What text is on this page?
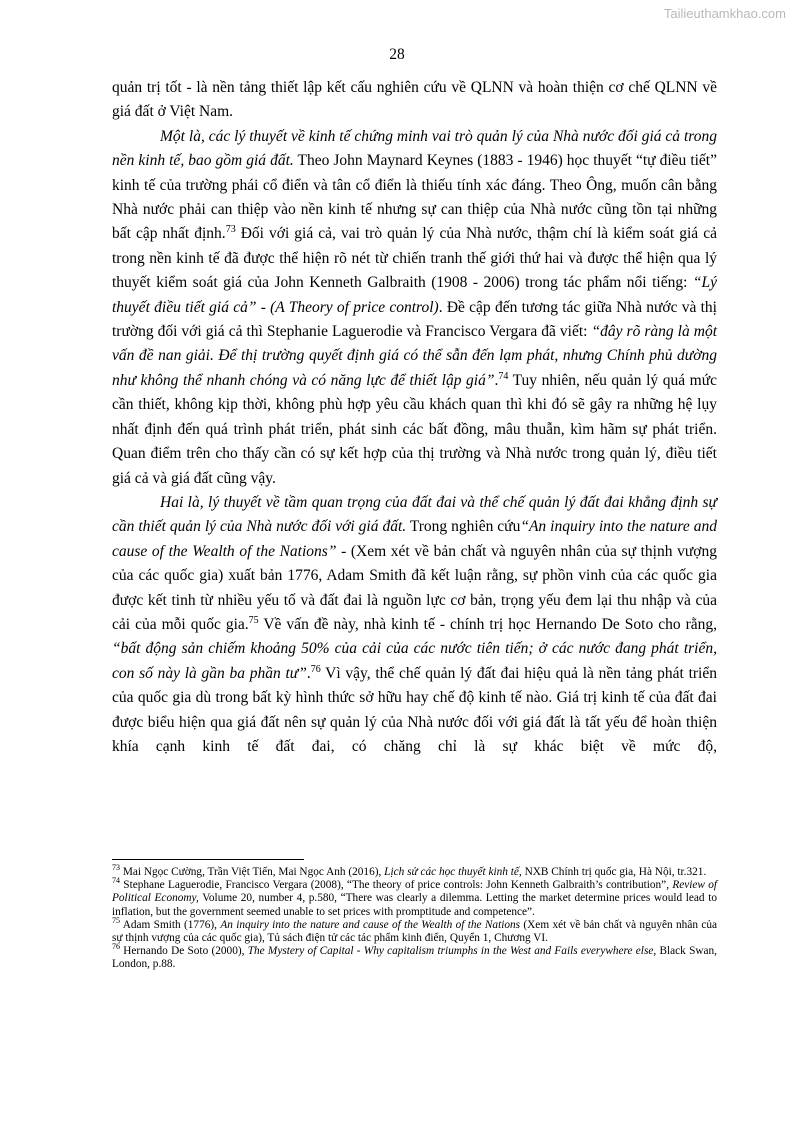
Tailieuthamkhao.com
28

quản trị tốt - là nền tảng thiết lập kết cấu nghiên cứu về QLNN và hoàn thiện cơ chế QLNN về giá đất ở Việt Nam.

Một là, các lý thuyết về kinh tế chứng minh vai trò quản lý của Nhà nước đối giá cả trong nền kinh tế, bao gồm giá đất. Theo John Maynard Keynes (1883 - 1946) học thuyết “tự điều tiết” kinh tế của trường phái cổ điển và tân cổ điển là thiếu tính xác đáng. Theo Ông, muốn cân bằng Nhà nước phải can thiệp vào nền kinh tế nhưng sự can thiệp của Nhà nước cũng tồn tại những bất cập nhất định.$^{73}$ Đối với giá cả, vai trò quản lý của Nhà nước, thậm chí là kiểm soát giá cả trong nền kinh tế đã được thể hiện rõ nét từ chiến tranh thế giới thứ hai và được thể hiện qua lý thuyết kiểm soát giá của John Kenneth Galbraith (1908 - 2006) trong tác phẩm nổi tiếng: “Lý thuyết điều tiết giá cả” - (A Theory of price control). Đề cập đến tương tác giữa Nhà nước và thị trường đối với giá cả thì Stephanie Laguerodie và Francisco Vergara đã viết: “đây rõ ràng là một vấn đề nan giải. Để thị trường quyết định giá có thể sẫn đến lạm phát, nhưng Chính phủ dường như không thể nhanh chóng và có năng lực để thiết lập giá”.$^{74}$ Tuy nhiên, nếu quản lý quá mức cần thiết, không kịp thời, không phù hợp yêu cầu khách quan thì khi đó sẽ gây ra những hệ lụy nhất định đến quá trình phát triển, phát sinh các bất đồng, mâu thuẫn, kìm hãm sự phát triển. Quan điểm trên cho thấy cần có sự kết hợp của thị trường và Nhà nước trong quản lý, điều tiết giá cả và giá đất cũng vậy.

Hai là, lý thuyết về tầm quan trọng của đất đai và thể chế quản lý đất đai khẳng định sự cần thiết quản lý của Nhà nước đối với giá đất. Trong nghiên cứu“An inquiry into the nature and cause of the Wealth of the Nations” - (Xem xét về bản chất và nguyên nhân của sự thịnh vượng của các quốc gia) xuất bản 1776, Adam Smith đã kết luận rằng, sự phồn vinh của các quốc gia được kết tinh từ nhiều yếu tố và đất đai là nguồn lực cơ bản, trọng yếu đem lại thu nhập và của cải của mỗi quốc gia.$^{75}$ Về vấn đề này, nhà kinh tế - chính trị học Hernando De Soto cho rằng, “bất động sản chiếm khoảng 50% của cải của các nước tiên tiến; ở các nước đang phát triển, con số này là gần ba phần tư”.$^{76}$ Vì vậy, thể chế quản lý đất đai hiệu quả là nền tảng phát triển của quốc gia dù trong bất kỳ hình thức sở hữu hay chế độ kinh tế nào. Giá trị kinh tế của đất đai được biểu hiện qua giá đất nên sự quản lý của Nhà nước đối với giá đất là tất yếu để hoàn thiện khía cạnh kinh tế đất đai, có chăng chỉ là sự khác biệt về mức độ,

$^{73}$ Mai Ngọc Cường, Trần Việt Tiến, Mai Ngọc Anh (2016), Lịch sử các học thuyết kinh tế, NXB Chính trị quốc gia, Hà Nội, tr.321.

$^{74}$ Stephane Laguerodie, Francisco Vergara (2008), “The theory of price controls: John Kenneth Galbraith’s contribution”, Review of Political Economy, Volume 20, number 4, p.580, “There was clearly a dilemma. Letting the market determine prices would lead to inflation, but the government seemed unable to set prices with promptitude and competence”.

$^{75}$ Adam Smith (1776), An inquiry into the nature and cause of the Wealth of the Nations (Xem xét về bản chất và nguyên nhân của sự thịnh vượng của các quốc gia), Tủ sách điện tử các tác phẩm kinh điển, Quyển 1, Chương VI.

$^{76}$ Hernando De Soto (2000), The Mystery of Capital - Why capitalism triumphs in the West and Fails everywhere else, Black Swan, London, p.88.
